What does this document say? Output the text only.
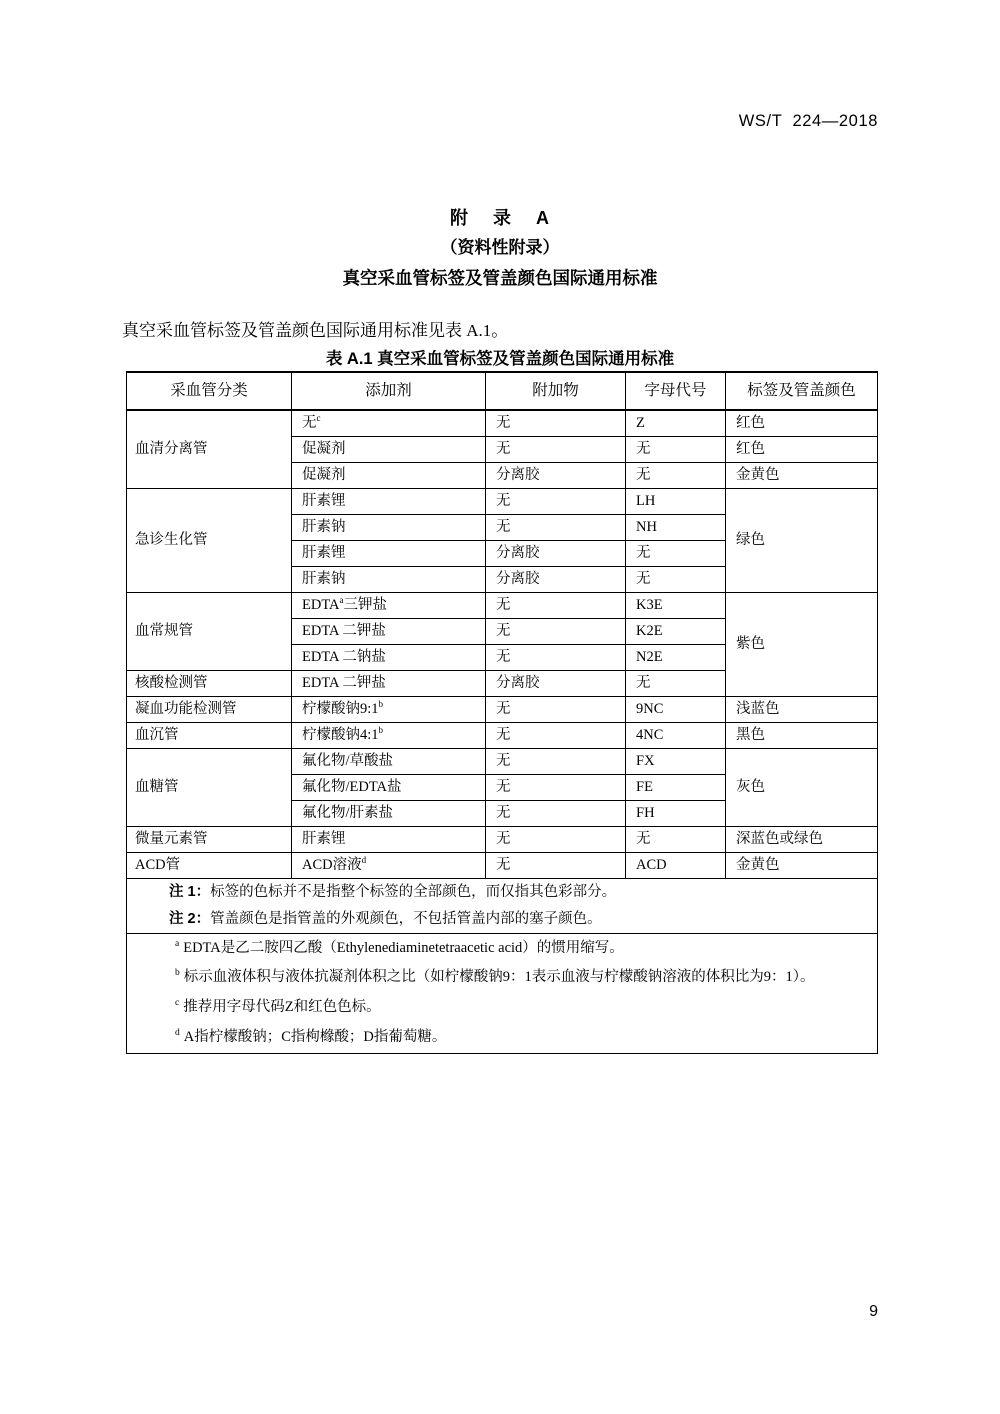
WS/T  224—2018
附    录    A
（资料性附录）
真空采血管标签及管盖颜色国际通用标准
真空采血管标签及管盖颜色国际通用标准见表 A.1。
表 A.1 真空采血管标签及管盖颜色国际通用标准
采血管分类	添加剂	附加物	字母代号	标签及管盖颜色
血清分离管	无$^c$	无	Z	红色
	促凝剂	无	无	红色
	促凝剂	分离胶	无	金黄色
急诊生化管	肝素锂	无	LH	绿色
	肝素钠	无	NH	
	肝素锂	分离胶	无	
	肝素钠	分离胶	无	
血常规管	EDTA$^a$三钾盐	无	K3E	紫色
	EDTA 二钾盐	无	K2E	
	EDTA 二钠盐	无	N2E	
核酸检测管	EDTA 二钾盐	分离胶	无	
凝血功能检测管	柠檬酸钠9:1$^b$	无	9NC	浅蓝色
血沉管	柠檬酸钠4:1$^b$	无	4NC	黑色
血糖管	氟化物/草酸盐	无	FX	灰色
	氟化物/EDTA盐	无	FE	
	氟化物/肝素盐	无	FH	
微量元素管	肝素锂	无	无	深蓝色或绿色
ACD管	ACD溶液$^d$	无	ACD	金黄色

注 1：标签的色标并不是指整个标签的全部颜色，而仅指其色彩部分。
注 2：管盖颜色是指管盖的外观颜色，不包括管盖内部的塞子颜色。				

$^a$ EDTA是乙二胺四乙酸（Ethylenediaminetetraacetic acid）的惯用缩写。
$^b$ 标示血液体积与液体抗凝剂体积之比（如柠檬酸钠9：1表示血液与柠檬酸钠溶液的体积比为9：1）。
$^c$ 推荐用字母代码Z和红色色标。
$^d$ A指柠檬酸钠；C指枸橼酸；D指葡萄糖。				
9
